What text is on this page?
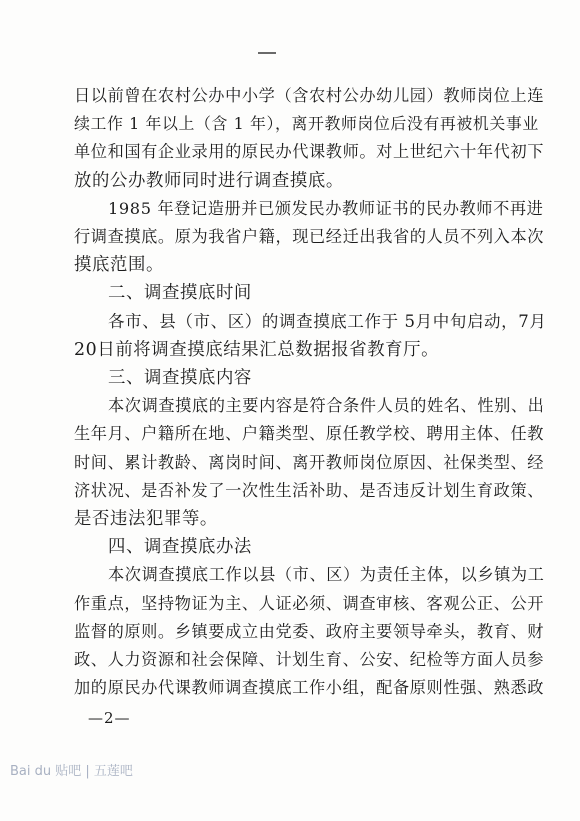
日以前曾在农村公办中小学（含农村公办幼儿园）教师岗位上连
续工作 1 年以上（含 1 年），离开教师岗位后没有再被机关事业
单位和国有企业录用的原民办代课教师。对上世纪六十年代初下
放的公办教师同时进行调查摸底。
1985 年登记造册并已颁发民办教师证书的民办教师不再进
行调查摸底。原为我省户籍，现已经迁出我省的人员不列入本次
摸底范围。
二、调查摸底时间
各市、县（市、区）的调查摸底工作于 5月中旬启动，7月
20日前将调查摸底结果汇总数据报省教育厅。
三、调查摸底内容
本次调查摸底的主要内容是符合条件人员的姓名、性别、出
生年月、户籍所在地、户籍类型、原任教学校、聘用主体、任教
时间、累计教龄、离岗时间、离开教师岗位原因、社保类型、经
济状况、是否补发了一次性生活补助、是否违反计划生育政策、
是否违法犯罪等。
四、调查摸底办法
本次调查摸底工作以县（市、区）为责任主体，以乡镇为工
作重点，坚持物证为主、人证必须、调查审核、客观公正、公开
监督的原则。乡镇要成立由党委、政府主要领导牵头，教育、财
政、人力资源和社会保障、计划生育、公安、纪检等方面人员参
加的原民办代课教师调查摸底工作小组，配备原则性强、熟悉政
—2—
Bai du 贴吧 | 五莲吧
